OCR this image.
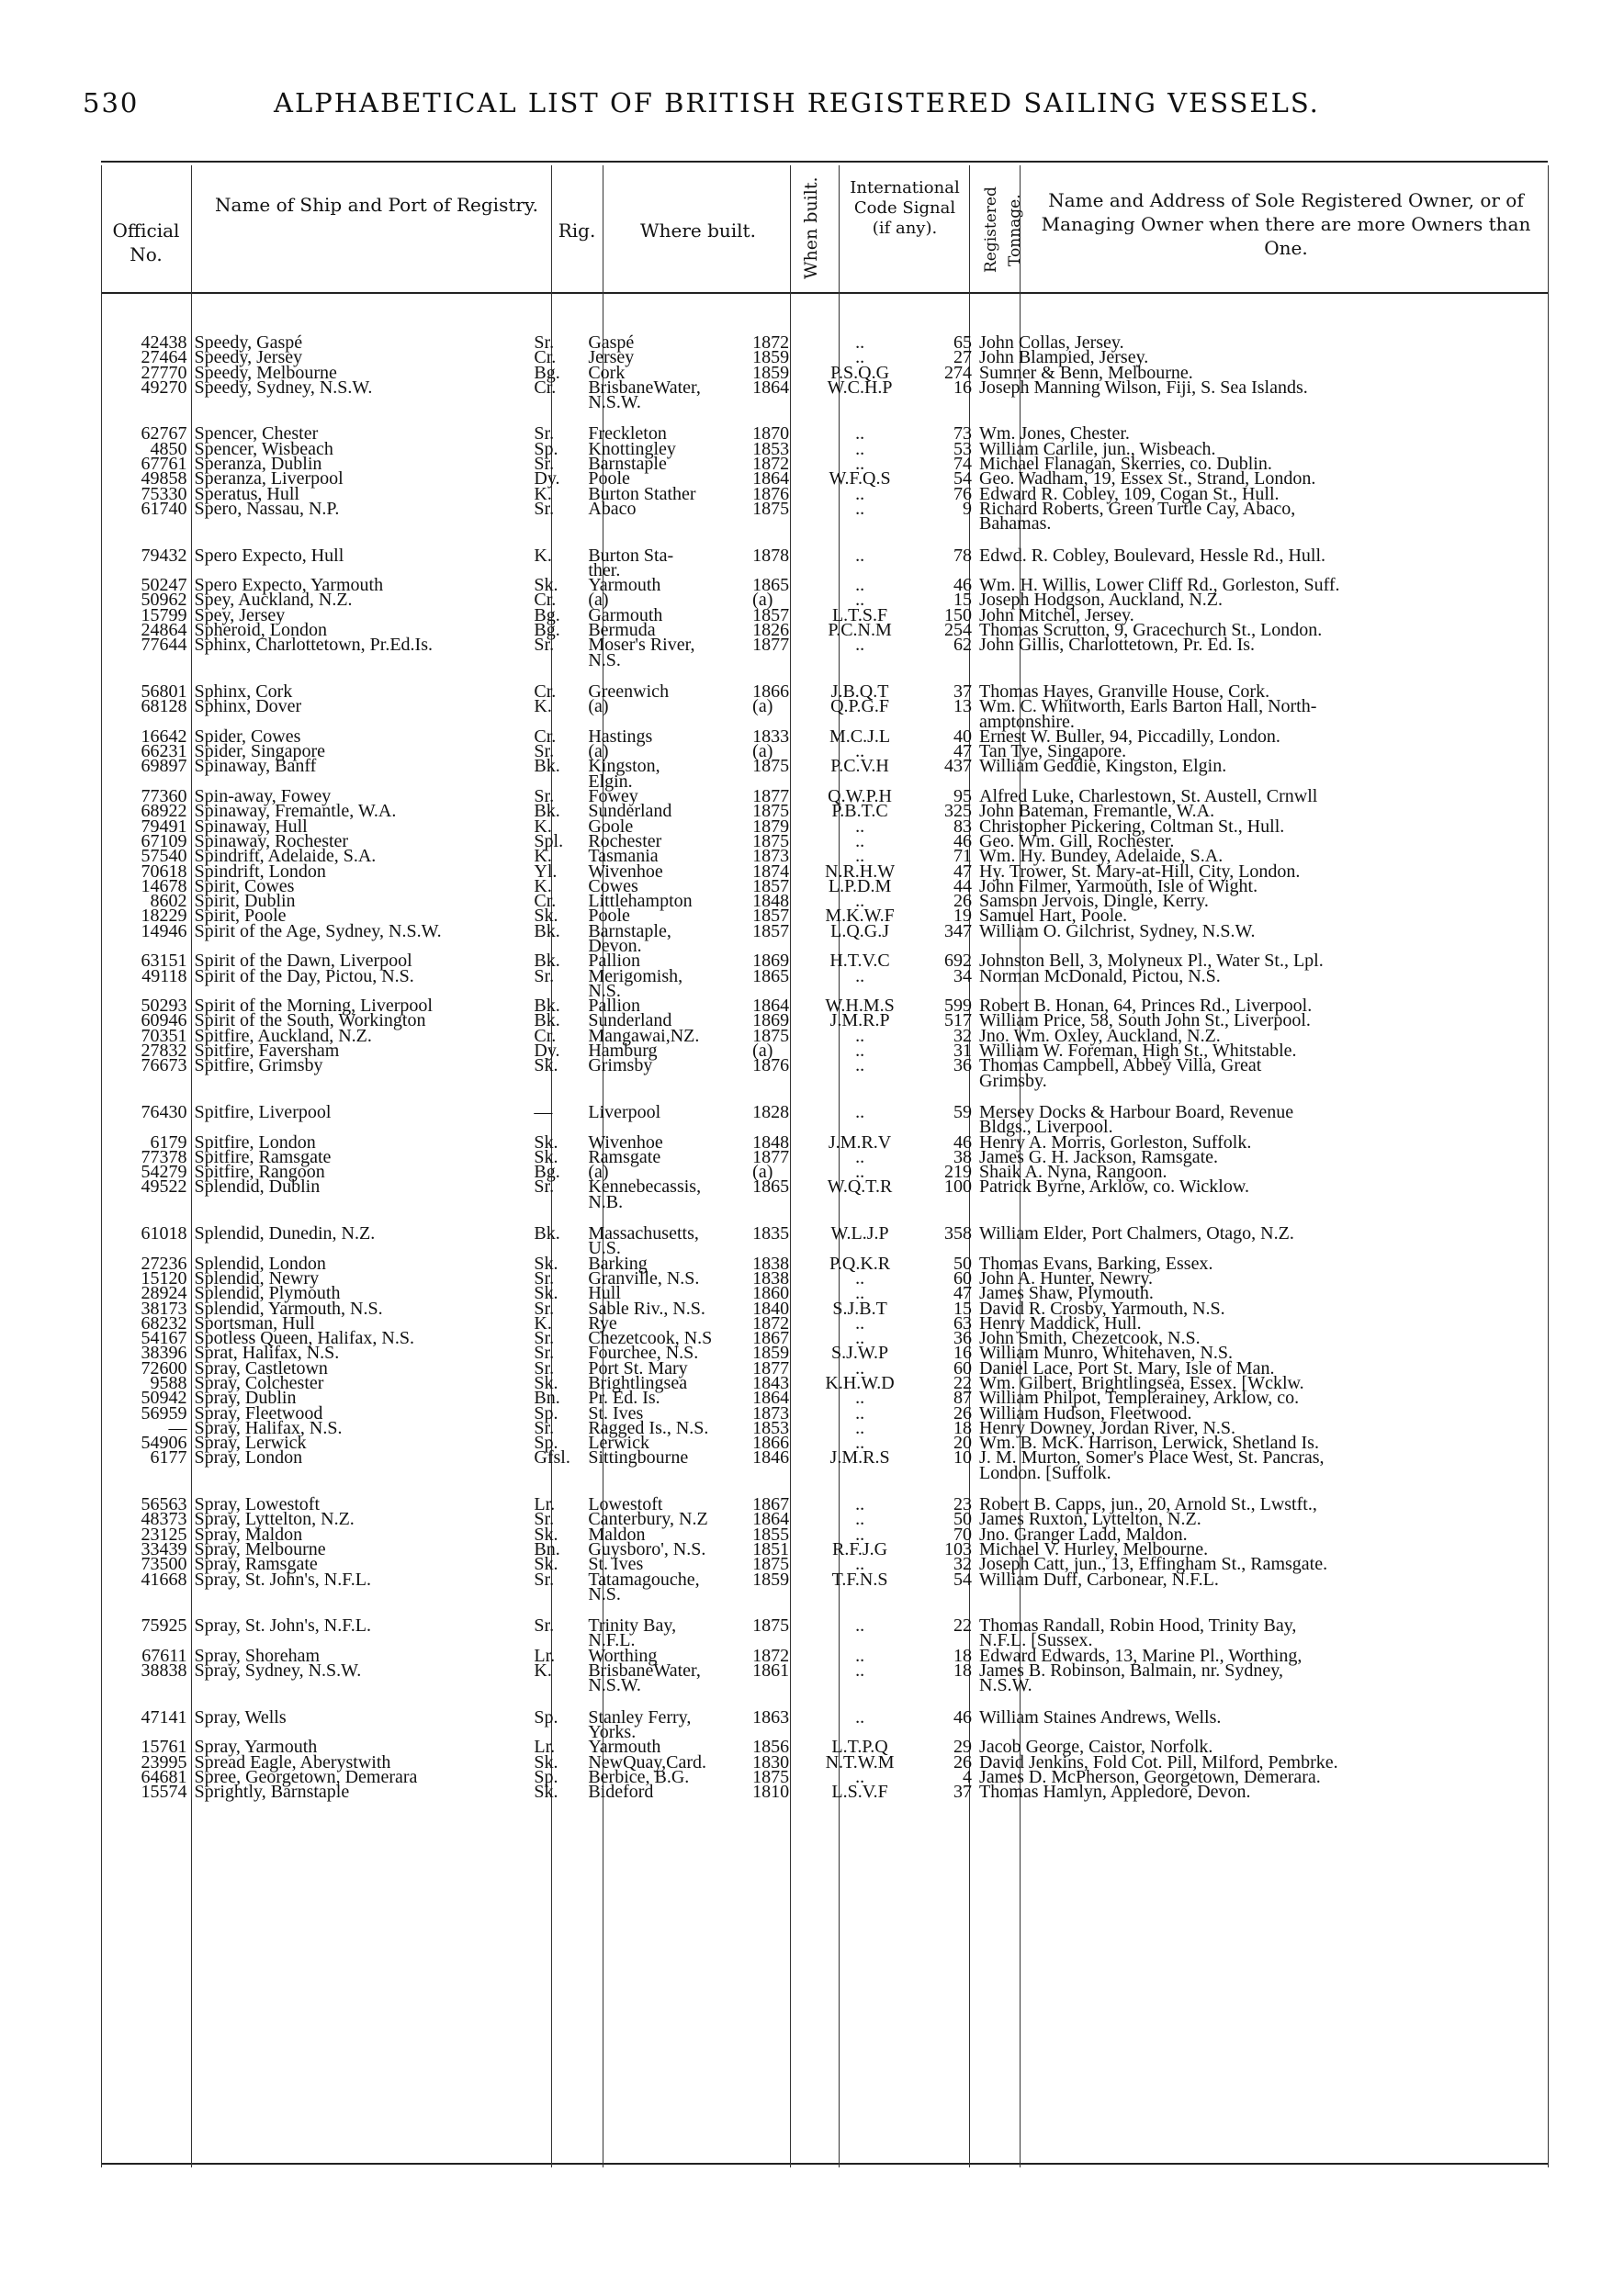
530	ALPHABETICAL LIST OF BRITISH REGISTERED SAILING VESSELS.
Official No.
Name of Ship and Port of Registry.
Rig.	Where built.	When built.	International Code Signal (if any).	Registered Tonnage.	Name and Address of Sole Registered Owner, or of Managing Owner when there are more Owners than One.
42438	Speedy, Gaspé	Sr.	Gaspé	1872	..	65	John Collas, Jersey.
27464	Speedy, Jersey	Cr.	Jersey	1859	..	27	John Blampied, Jersey.
27770	Speedy, Melbourne	Bg.	Cork	1859	P.S.Q.G	274	Sumner & Benn, Melbourne.
49270	Speedy, Sydney, N.S.W.	Cr.	BrisbaneWater,	1864	W.C.H.P	16	Joseph Manning Wilson, Fiji, S. Sea Islands.
			N.S.W.				

62767	Spencer, Chester	Sr.	Freckleton	1870	..	73	Wm. Jones, Chester.
4850	Spencer, Wisbeach	Sp.	Knottingley	1853	..	53	William Carlile, jun., Wisbeach.
67761	Speranza, Dublin	Sr.	Barnstaple	1872	..	74	Michael Flanagan, Skerries, co. Dublin.
49858	Speranza, Liverpool	Dy.	Poole	1864	W.F.Q.S	54	Geo. Wadham, 19, Essex St., Strand, London.
75330	Speratus, Hull	K.	Burton Stather	1876	..	76	Edward R. Cobley, 109, Cogan St., Hull.
61740	Spero, Nassau, N.P.	Sr.	Abaco	1875	..	9	Richard Roberts, Green Turtle Cay, Abaco,
							Bahamas.

79432	Spero Expecto, Hull	K.	Burton Sta-	1878	..	78	Edwd. R. Cobley, Boulevard, Hessle Rd., Hull.
			ther.				
50247	Spero Expecto, Yarmouth	Sk.	Yarmouth	1865	..	46	Wm. H. Willis, Lower Cliff Rd., Gorleston, Suff.
50962	Spey, Auckland, N.Z.	Cr.	(a)	(a)	..	15	Joseph Hodgson, Auckland, N.Z.
15799	Spey, Jersey	Bg.	Garmouth	1857	L.T.S.F	150	John Mitchel, Jersey.
24864	Spheroid, London	Bg.	Bermuda	1826	P.C.N.M	254	Thomas Scrutton, 9, Gracechurch St., London.
77644	Sphinx, Charlottetown, Pr.Ed.Is.	Sr.	Moser's River,	1877	..	62	John Gillis, Charlottetown, Pr. Ed. Is.
			N.S.				

56801	Sphinx, Cork	Cr.	Greenwich	1866	J.B.Q.T	37	Thomas Hayes, Granville House, Cork.
68128	Sphinx, Dover	K.	(a)	(a)	Q.P.G.F	13	Wm. C. Whitworth, Earls Barton Hall, North-
							amptonshire.
16642	Spider, Cowes	Cr.	Hastings	1833	M.C.J.L	40	Ernest W. Buller, 94, Piccadilly, London.
66231	Spider, Singapore	Sr.	(a)	(a)	..	47	Tan Tye, Singapore.
69897	Spinaway, Banff	Bk.	Kingston,	1875	P.C.V.H	437	William Geddie, Kingston, Elgin.
			Elgin.				
77360	Spin-away, Fowey	Sr.	Fowey	1877	Q.W.P.H	95	Alfred Luke, Charlestown, St. Austell, Crnwll
68922	Spinaway, Fremantle, W.A.	Bk.	Sunderland	1875	P.B.T.C	325	John Bateman, Fremantle, W.A.
79491	Spinaway, Hull	K.	Goole	1879	..	83	Christopher Pickering, Coltman St., Hull.
67109	Spinaway, Rochester	Spl.	Rochester	1875	..	46	Geo. Wm. Gill, Rochester.
57540	Spindrift, Adelaide, S.A.	K.	Tasmania	1873	..	71	Wm. Hy. Bundey, Adelaide, S.A.
70618	Spindrift, London	Yl.	Wivenhoe	1874	N.R.H.W	47	Hy. Trower, St. Mary-at-Hill, City, London.
14678	Spirit, Cowes	K.	Cowes	1857	L.P.D.M	44	John Filmer, Yarmouth, Isle of Wight.
8602	Spirit, Dublin	Cr.	Littlehampton	1848	..	26	Samson Jervois, Dingle, Kerry.
18229	Spirit, Poole	Sk.	Poole	1857	M.K.W.F	19	Samuel Hart, Poole.
14946	Spirit of the Age, Sydney, N.S.W.	Bk.	Barnstaple,	1857	L.Q.G.J	347	William O. Gilchrist, Sydney, N.S.W.
			Devon.				
63151	Spirit of the Dawn, Liverpool	Bk.	Pallion	1869	H.T.V.C	692	Johnston Bell, 3, Molyneux Pl., Water St., Lpl.
49118	Spirit of the Day, Pictou, N.S.	Sr.	Merigomish,	1865	..	34	Norman McDonald, Pictou, N.S.
			N.S.				
50293	Spirit of the Morning, Liverpool	Bk.	Pallion	1864	W.H.M.S	599	Robert B. Honan, 64, Princes Rd., Liverpool.
60946	Spirit of the South, Workington	Bk.	Sunderland	1869	J.M.R.P	517	William Price, 58, South John St., Liverpool.
70351	Spitfire, Auckland, N.Z.	Cr.	Mangawai,NZ.	1875	..	32	Jno. Wm. Oxley, Auckland, N.Z.
27832	Spitfire, Faversham	Dy.	Hamburg	(a)	..	31	William W. Foreman, High St., Whitstable.
76673	Spitfire, Grimsby	Sk.	Grimsby	1876	..	36	Thomas Campbell, Abbey Villa, Great
							Grimsby.

76430	Spitfire, Liverpool	—	Liverpool	1828	..	59	Mersey Docks & Harbour Board, Revenue
							Bldgs., Liverpool.
6179	Spitfire, London	Sk.	Wivenhoe	1848	J.M.R.V	46	Henry A. Morris, Gorleston, Suffolk.
77378	Spitfire, Ramsgate	Sk.	Ramsgate	1877	..	38	James G. H. Jackson, Ramsgate.
54279	Spitfire, Rangoon	Bg.	(a)	(a)	..	219	Shaik A. Nyna, Rangoon.
49522	Splendid, Dublin	Sr.	Kennebecassis,	1865	W.Q.T.R	100	Patrick Byrne, Arklow, co. Wicklow.
			N.B.				

61018	Splendid, Dunedin, N.Z.	Bk.	Massachusetts,	1835	W.L.J.P	358	William Elder, Port Chalmers, Otago, N.Z.
			U.S.				
27236	Splendid, London	Sk.	Barking	1838	P.Q.K.R	50	Thomas Evans, Barking, Essex.
15120	Splendid, Newry	Sr.	Granville, N.S.	1838	..	60	John A. Hunter, Newry.
28924	Splendid, Plymouth	Sk.	Hull	1860	..	47	James Shaw, Plymouth.
38173	Splendid, Yarmouth, N.S.	Sr.	Sable Riv., N.S.	1840	S.J.B.T	15	David R. Crosby, Yarmouth, N.S.
68232	Sportsman, Hull	K.	Rye	1872	..	63	Henry Maddick, Hull.
54167	Spotless Queen, Halifax, N.S.	Sr.	Chezetcook, N.S	1867	..	36	John Smith, Chezetcook, N.S.
38396	Sprat, Halifax, N.S.	Sr.	Fourchee, N.S.	1859	S.J.W.P	16	William Munro, Whitehaven, N.S.
72600	Spray, Castletown	Sr.	Port St. Mary	1877	..	60	Daniel Lace, Port St. Mary, Isle of Man.
9588	Spray, Colchester	Sk.	Brightlingsea	1843	K.H.W.D	22	Wm. Gilbert, Brightlingsea, Essex. [Wcklw.
50942	Spray, Dublin	Bn.	Pr. Ed. Is.	1864	..	87	William Philpot, Templerainey, Arklow, co.
56959	Spray, Fleetwood	Sp.	St. Ives	1873	..	26	William Hudson, Fleetwood.
—	Spray, Halifax, N.S.	Sr.	Ragged Is., N.S.	1853	..	18	Henry Downey, Jordan River, N.S.
54906	Spray, Lerwick	Sp.	Lerwick	1866	..	20	Wm. B. McK. Harrison, Lerwick, Shetland Is.
6177	Spray, London	Gfsl.	Sittingbourne	1846	J.M.R.S	10	J. M. Murton, Somer's Place West, St. Pancras,
							London. [Suffolk.

56563	Spray, Lowestoft	Lr.	Lowestoft	1867	..	23	Robert B. Capps, jun., 20, Arnold St., Lwstft.,
48373	Spray, Lyttelton, N.Z.	Sr.	Canterbury, N.Z	1864	..	50	James Ruxton, Lyttelton, N.Z.
23125	Spray, Maldon	Sk.	Maldon	1855	..	70	Jno. Granger Ladd, Maldon.
33439	Spray, Melbourne	Bn.	Guysboro', N.S.	1851	R.F.J.G	103	Michael V. Hurley, Melbourne.
73500	Spray, Ramsgate	Sk.	St. Ives	1875	..	32	Joseph Catt, jun., 13, Effingham St., Ramsgate.
41668	Spray, St. John's, N.F.L.	Sr.	Tatamagouche,	1859	T.F.N.S	54	William Duff, Carbonear, N.F.L.
			N.S.				

75925	Spray, St. John's, N.F.L.	Sr.	Trinity Bay,	1875	..	22	Thomas Randall, Robin Hood, Trinity Bay,
			N.F.L.				N.F.L. [Sussex.
67611	Spray, Shoreham	Lr.	Worthing	1872	..	18	Edward Edwards, 13, Marine Pl., Worthing,
38838	Spray, Sydney, N.S.W.	K.	BrisbaneWater,	1861	..	18	James B. Robinson, Balmain, nr. Sydney,
			N.S.W.				N.S.W.

47141	Spray, Wells	Sp.	Stanley Ferry,	1863	..	46	William Staines Andrews, Wells.
			Yorks.				
15761	Spray, Yarmouth	Lr.	Yarmouth	1856	L.T.P.Q	29	Jacob George, Caistor, Norfolk.
23995	Spread Eagle, Aberystwith	Sk.	NewQuay,Card.	1830	N.T.W.M	26	David Jenkins, Fold Cot. Pill, Milford, Pembrke.
64681	Spree, Georgetown, Demerara	Sp.	Berbice, B.G.	1875	..	4	James D. McPherson, Georgetown, Demerara.
15574	Sprightly, Barnstaple	Sk.	Bideford	1810	L.S.V.F	37	Thomas Hamlyn, Appledore, Devon.
